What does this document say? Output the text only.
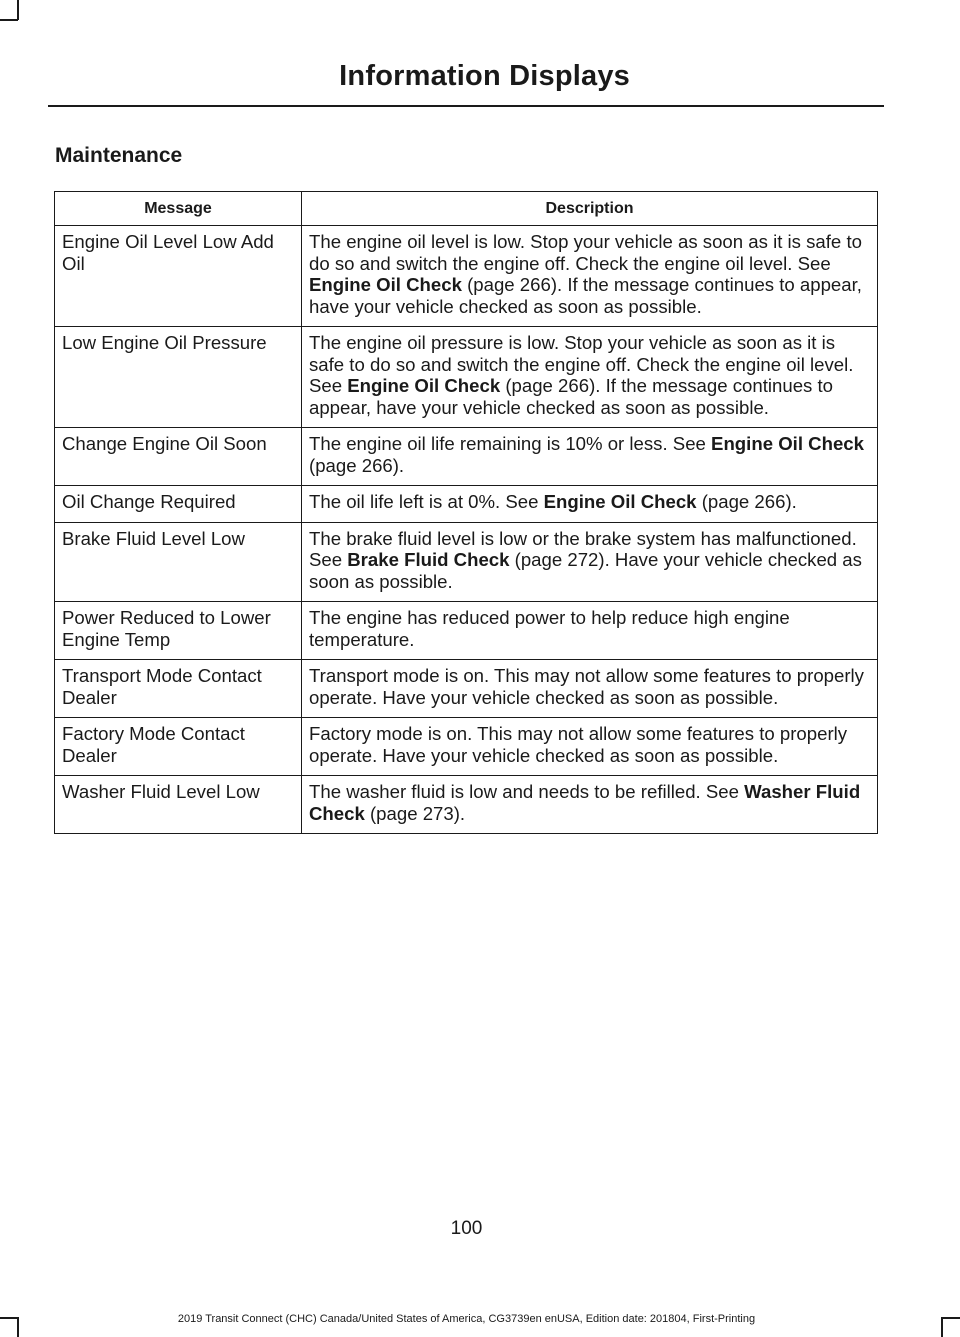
Information Displays
Maintenance
Message	Description
Engine Oil Level Low Add Oil	The engine oil level is low. Stop your vehicle as soon as it is safe to do so and switch the engine off. Check the engine oil level. See Engine Oil Check (page 266). If the message continues to appear, have your vehicle checked as soon as possible.
Low Engine Oil Pressure	The engine oil pressure is low. Stop your vehicle as soon as it is safe to do so and switch the engine off. Check the engine oil level. See Engine Oil Check (page 266). If the message continues to appear, have your vehicle checked as soon as possible.
Change Engine Oil Soon	The engine oil life remaining is 10% or less. See Engine Oil Check (page 266).
Oil Change Required	The oil life left is at 0%. See Engine Oil Check (page 266).
Brake Fluid Level Low	The brake fluid level is low or the brake system has malfunctioned. See Brake Fluid Check (page 272). Have your vehicle checked as soon as possible.
Power Reduced to Lower Engine Temp	The engine has reduced power to help reduce high engine temperature.
Transport Mode Contact Dealer	Transport mode is on. This may not allow some features to properly operate. Have your vehicle checked as soon as possible.
Factory Mode Contact Dealer	Factory mode is on. This may not allow some features to properly operate. Have your vehicle checked as soon as possible.
Washer Fluid Level Low	The washer fluid is low and needs to be refilled. See Washer Fluid Check (page 273).
100
2019 Transit Connect (CHC) Canada/United States of America, CG3739en enUSA, Edition date: 201804, First-Printing
